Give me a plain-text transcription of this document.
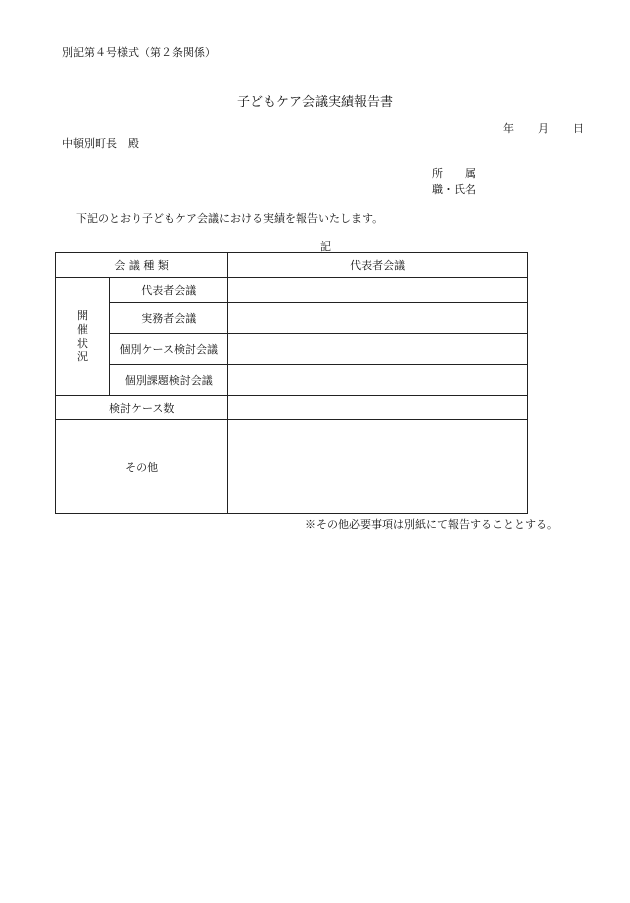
別記第４号様式（第２条関係）
子どもケア会議実績報告書
年 月 日
中頓別町長　殿
所　　属
職・氏名
下記のとおり子どもケア会議における実績を報告いたします。
記
会 議 種 類		代表者会議
開催状況	代表者会議	
	実務者会議	
	個別ケース検討会議	
	個別課題検討会議	
検討ケース数		
その他		
※その他必要事項は別紙にて報告することとする。
